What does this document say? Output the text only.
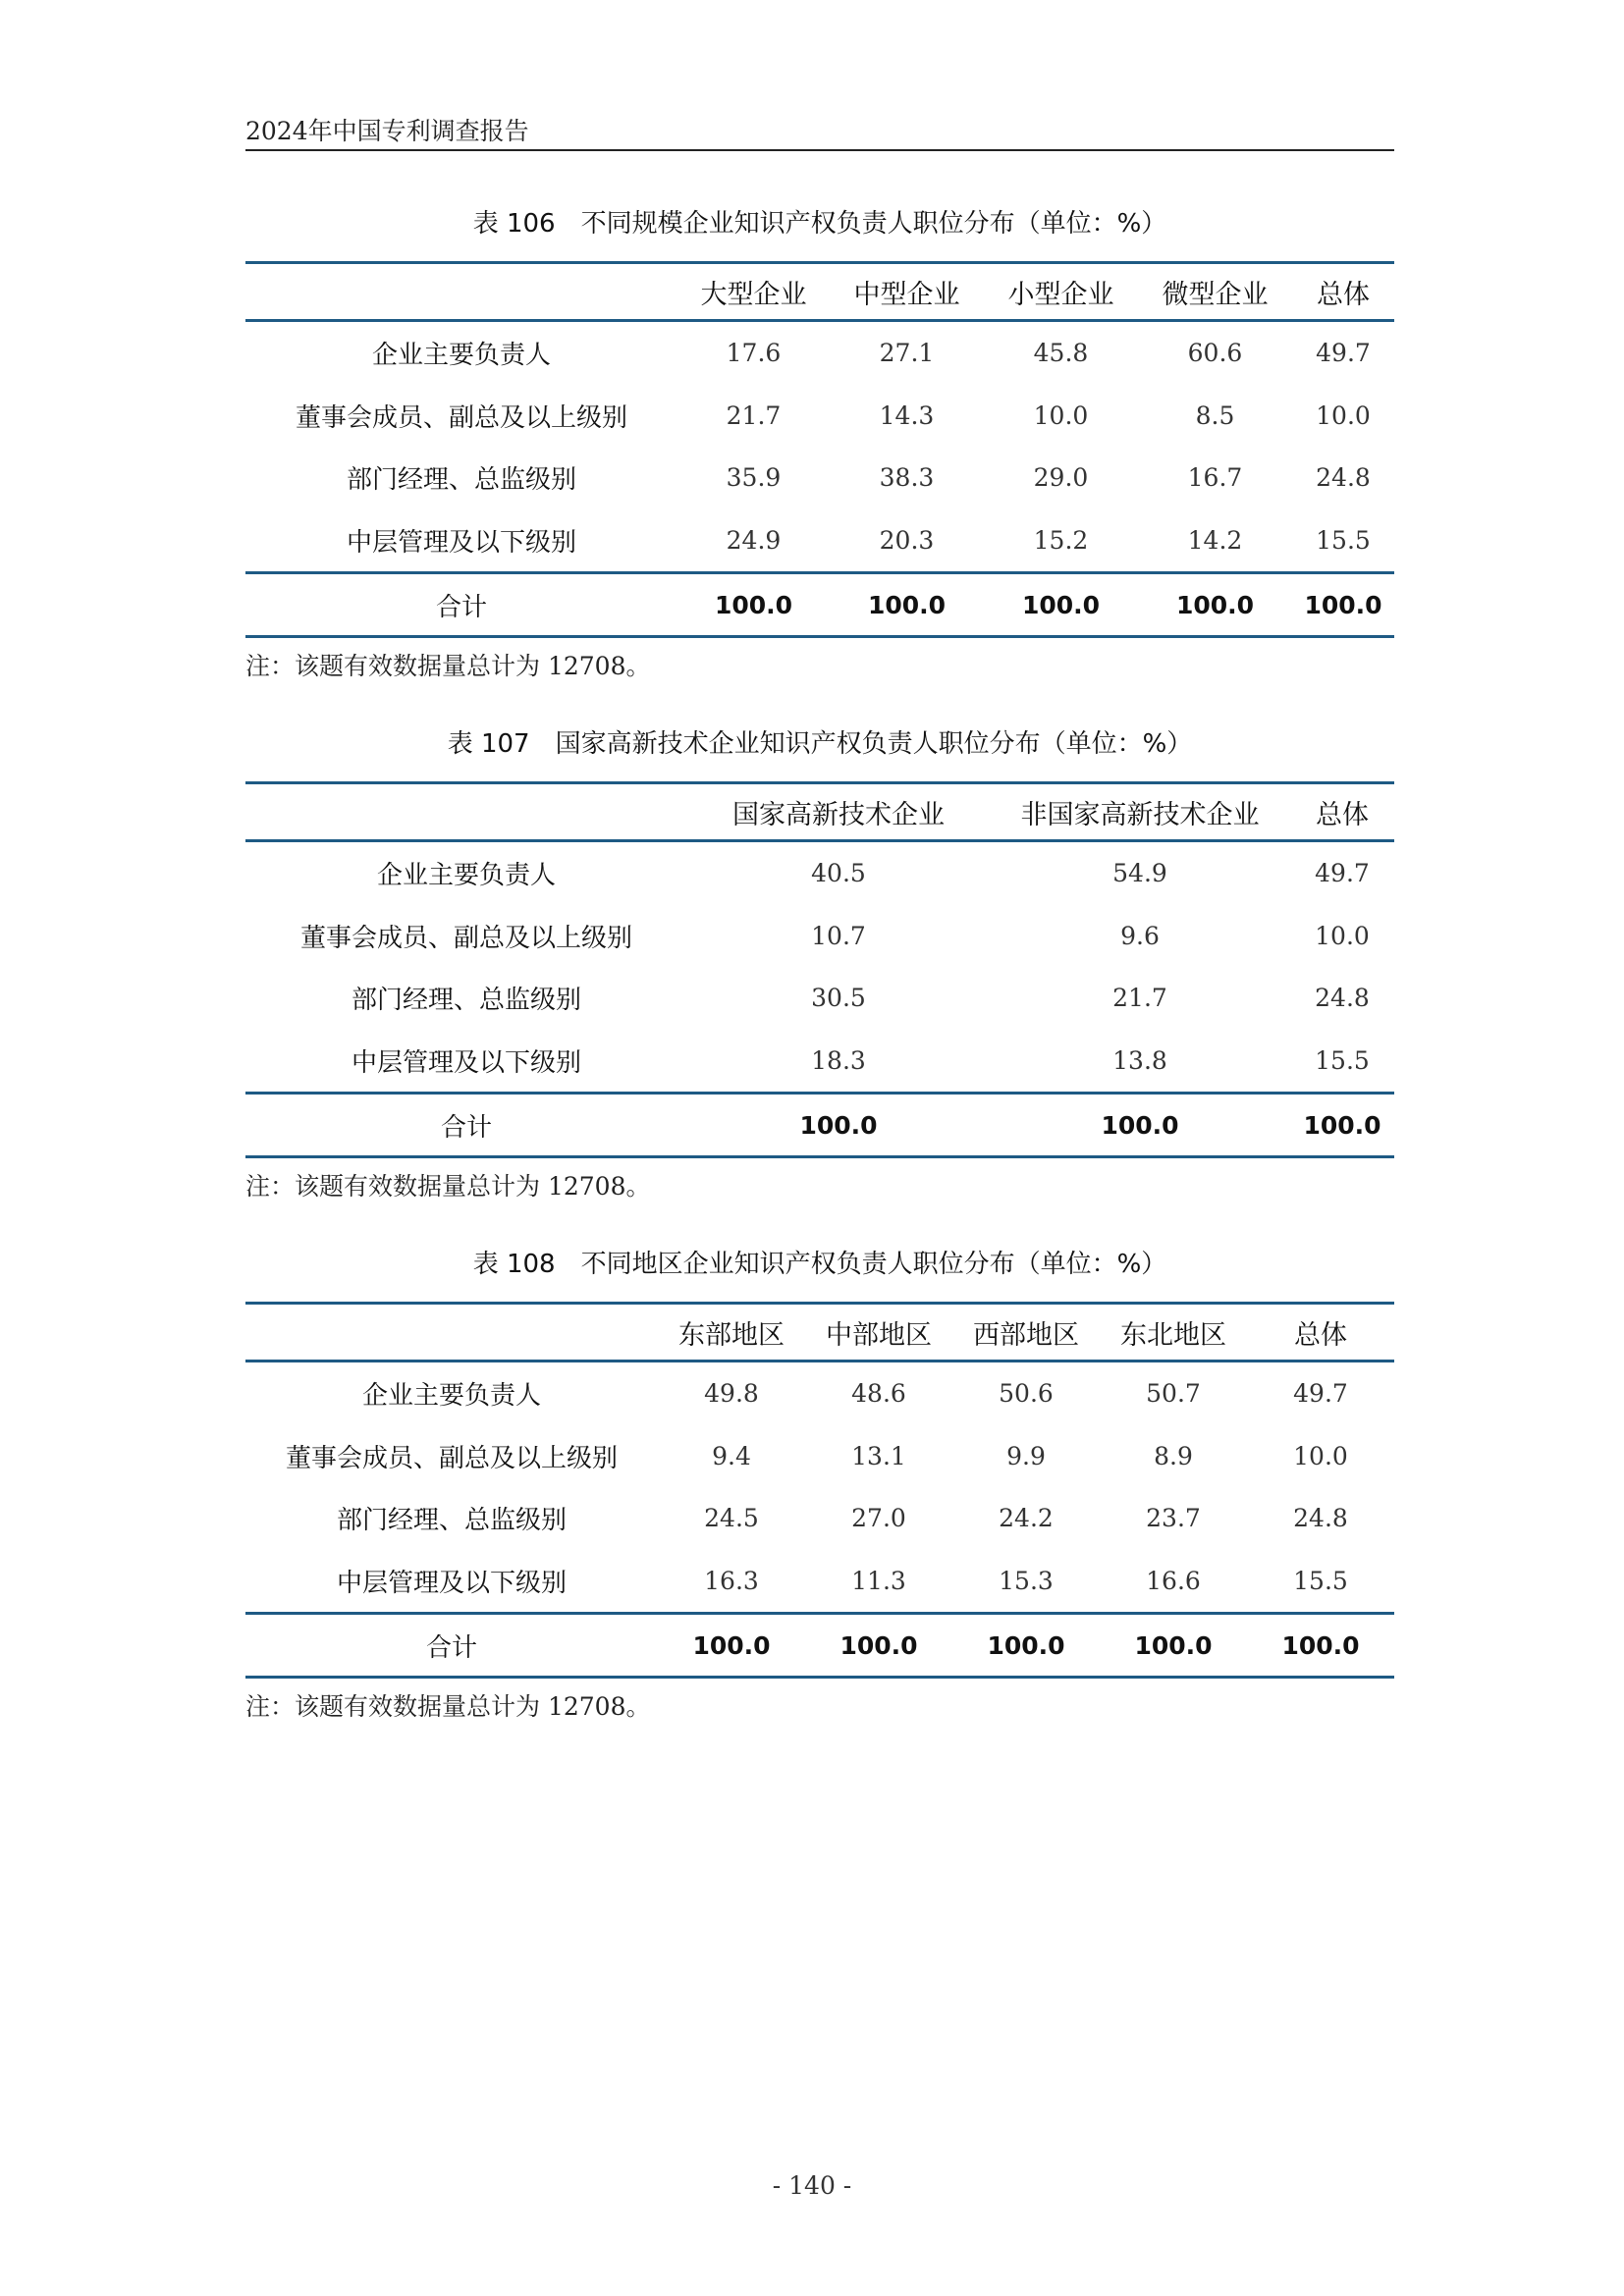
2024年中国专利调查报告
表 106　不同规模企业知识产权负责人职位分布（单位：%）
	大型企业	中型企业	小型企业	微型企业	总体
企业主要负责人	17.6	27.1	45.8	60.6	49.7
董事会成员、副总及以上级别	21.7	14.3	10.0	8.5	10.0
部门经理、总监级别	35.9	38.3	29.0	16.7	24.8
中层管理及以下级别	24.9	20.3	15.2	14.2	15.5
合计	100.0	100.0	100.0	100.0	100.0
注：该题有效数据量总计为 12708。
表 107　国家高新技术企业知识产权负责人职位分布（单位：%）
	国家高新技术企业	非国家高新技术企业	总体
企业主要负责人	40.5	54.9	49.7
董事会成员、副总及以上级别	10.7	9.6	10.0
部门经理、总监级别	30.5	21.7	24.8
中层管理及以下级别	18.3	13.8	15.5
合计	100.0	100.0	100.0
注：该题有效数据量总计为 12708。
表 108　不同地区企业知识产权负责人职位分布（单位：%）
	东部地区	中部地区	西部地区	东北地区	总体
企业主要负责人	49.8	48.6	50.6	50.7	49.7
董事会成员、副总及以上级别	9.4	13.1	9.9	8.9	10.0
部门经理、总监级别	24.5	27.0	24.2	23.7	24.8
中层管理及以下级别	16.3	11.3	15.3	16.6	15.5
合计	100.0	100.0	100.0	100.0	100.0
注：该题有效数据量总计为 12708。
- 140 -
